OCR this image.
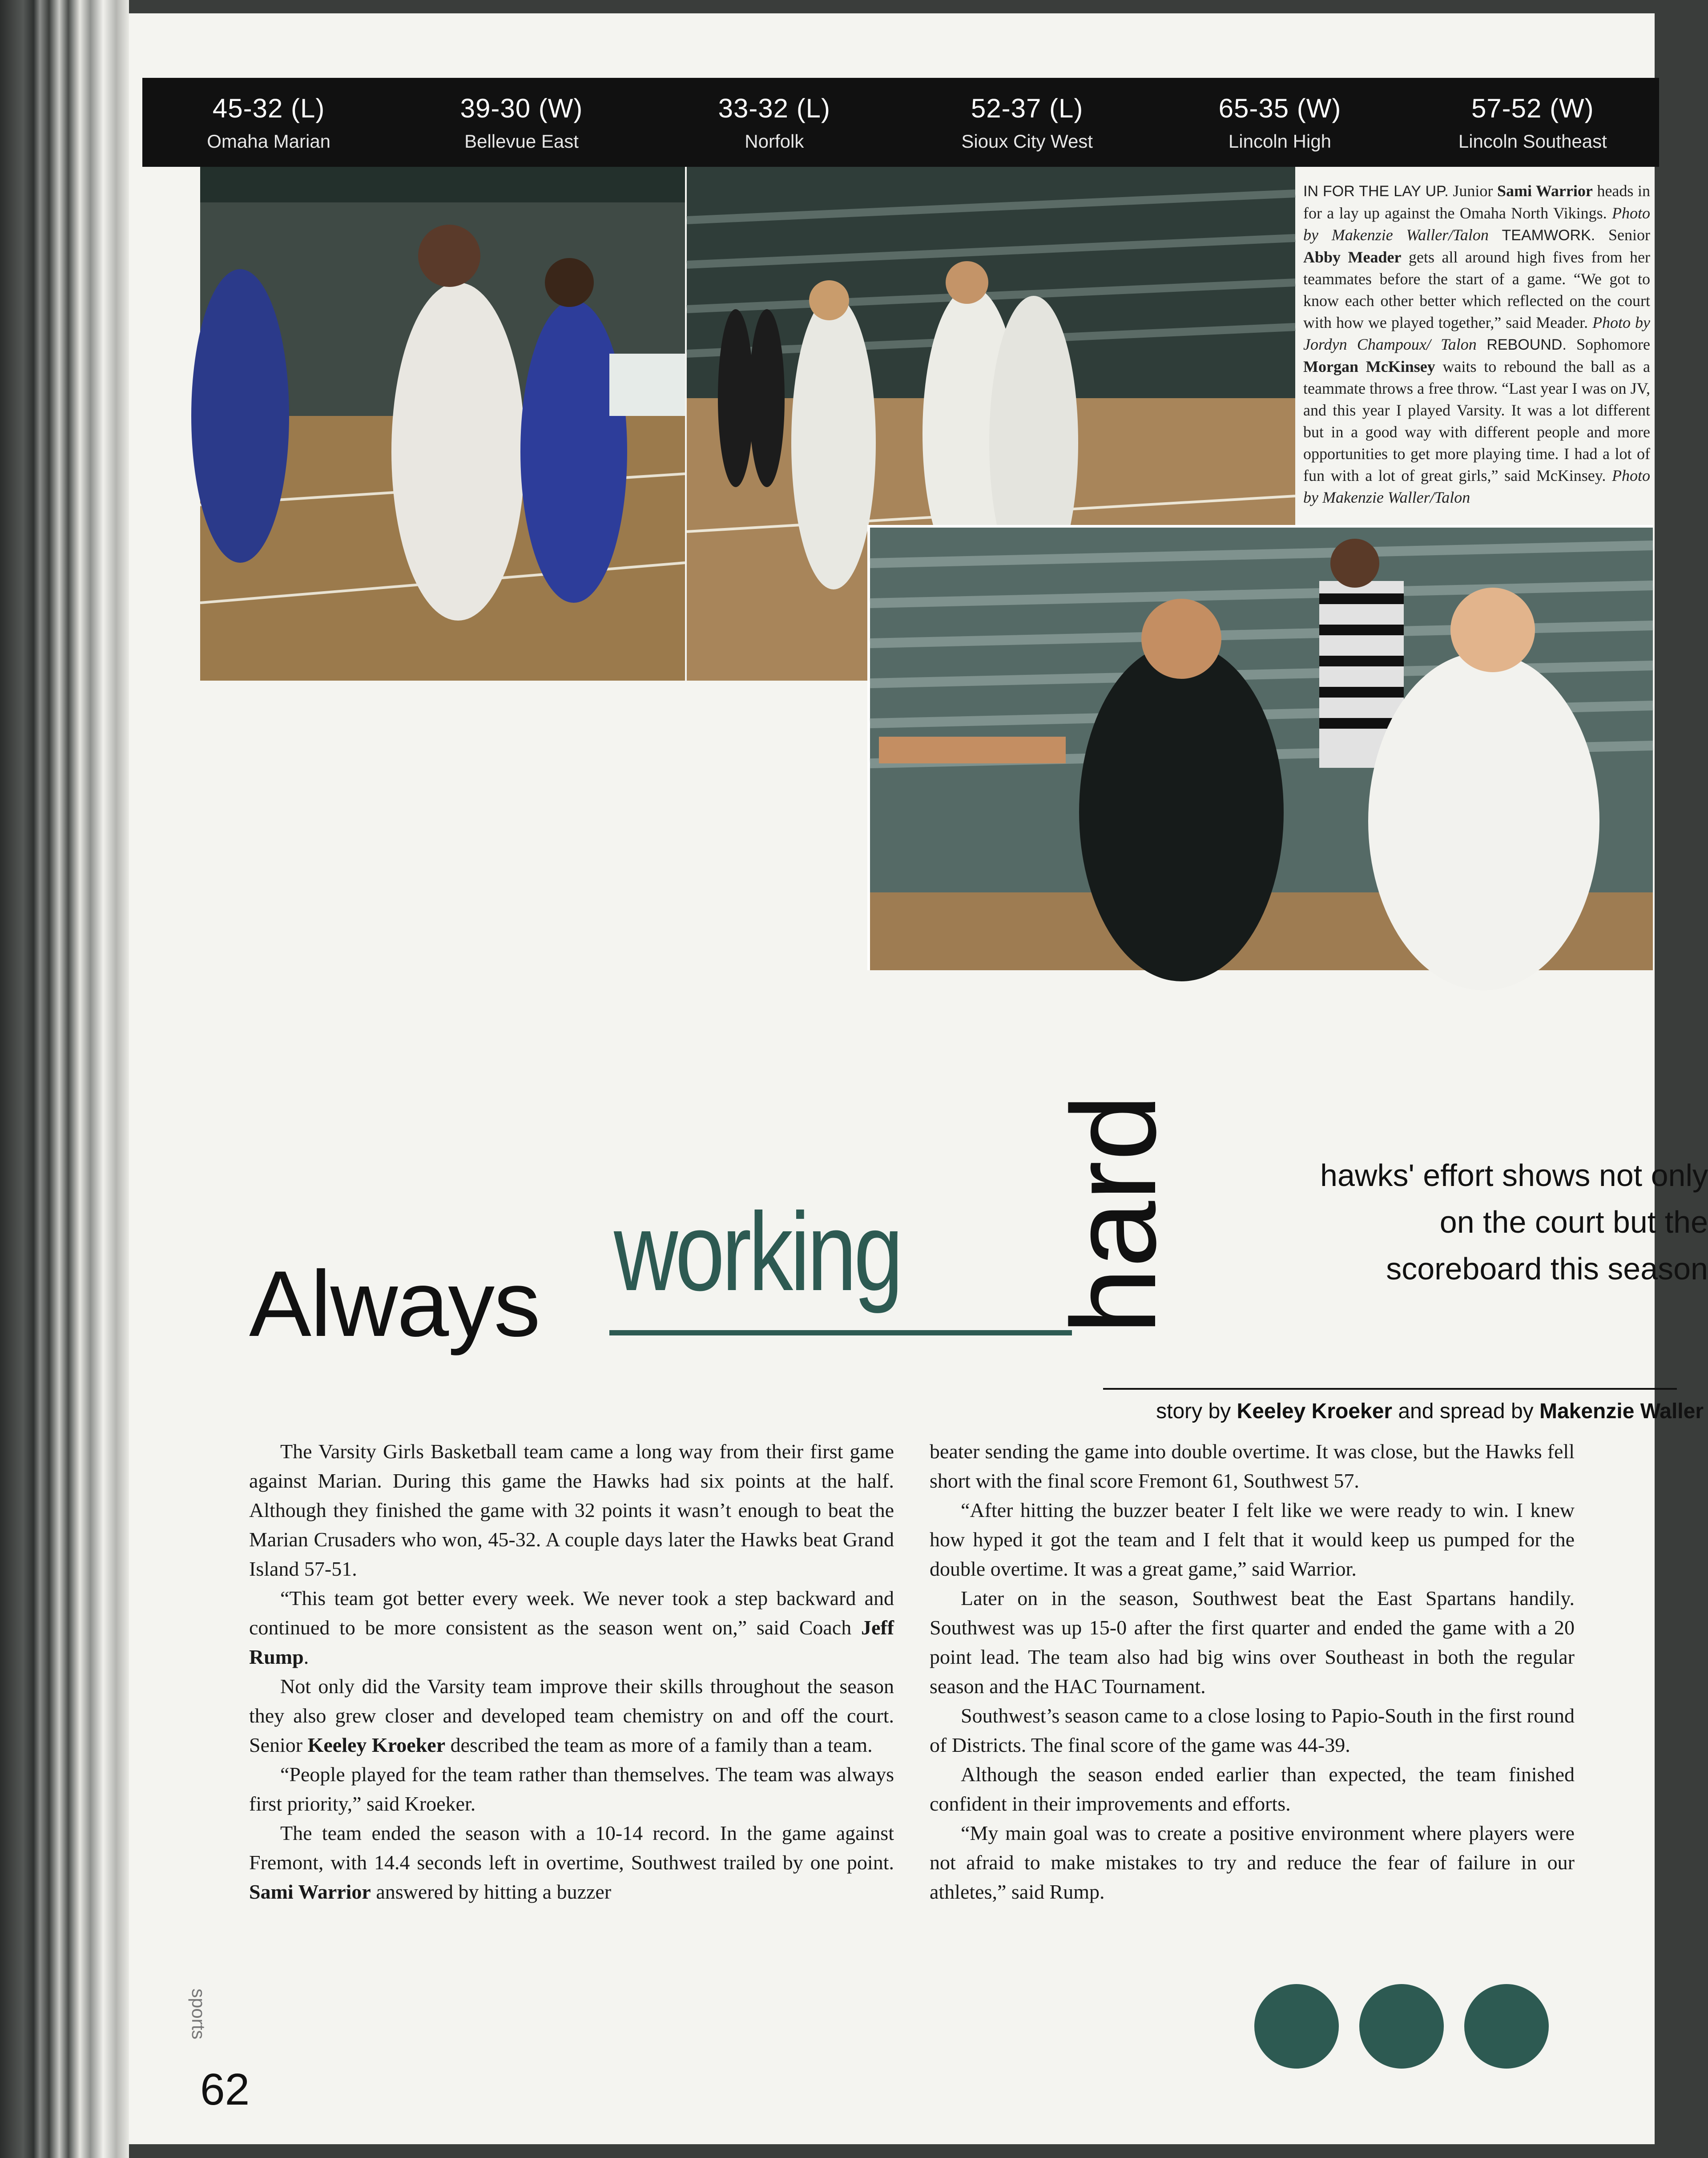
45-32 (L)
Omaha Marian
39-30 (W)
Bellevue East
33-32 (L)
Norfolk
52-37 (L)
Sioux City West
65-35 (W)
Lincoln High
57-52 (W)
Lincoln Southeast
IN FOR THE LAY UP. Junior Sami Warrior heads in for a lay up against the Omaha North Vikings. Photo by Makenzie Waller/Talon TEAMWORK. Senior Abby Meader gets all around high fives from her teammates before the start of a game. “We got to know each other better which reflected on the court with how we played together,” said Meader. Photo by Jordyn Champoux/ Talon REBOUND. Sophomore Morgan McKinsey waits to rebound the ball as a teammate throws a free throw. “Last year I was on JV, and this year I played Varsity. It was a lot different but in a good way with different people and more opportunities to get more playing time. I had a lot of fun with a lot of great girls,” said McKinsey. Photo by Makenzie Waller/Talon
Always working hard	hawks' effort shows not only on the court but the scoreboard this season
story by Keeley Kroeker and spread by Makenzie Waller

The Varsity Girls Basketball team came a long way from their first game against Marian. During this game the Hawks had six points at the half. Although they finished the game with 32 points it wasn’t enough to beat the Marian Crusaders who won, 45-32. A couple days later the Hawks beat Grand Island 57-51.

“This team got better every week. We never took a step backward and continued to be more consistent as the season went on,” said Coach Jeff Rump.

Not only did the Varsity team improve their skills throughout the season they also grew closer and developed team chemistry on and off the court. Senior Keeley Kroeker described the team as more of a family than a team.

“People played for the team rather than themselves. The team was always first priority,” said Kroeker.

The team ended the season with a 10-14 record. In the game against Fremont, with 14.4 seconds left in overtime, Southwest trailed by one point. Sami Warrior answered by hitting a buzzer

beater sending the game into double overtime. It was close, but the Hawks fell short with the final score Fremont 61, Southwest 57.

“After hitting the buzzer beater I felt like we were ready to win. I knew how hyped it got the team and I felt that it would keep us pumped for the double overtime. It was a great game,” said Warrior.

Later on in the season, Southwest beat the East Spartans handily. Southwest was up 15-0 after the first quarter and ended the game with a 20 point lead. The team also had big wins over Southeast in both the regular season and the HAC Tournament.

Southwest’s season came to a close losing to Papio-South in the first round of Districts. The final score of the game was 44-39.

Although the season ended earlier than expected, the team finished confident in their improvements and efforts.

“My main goal was to create a positive environment where players were not afraid to make mistakes to try and reduce the fear of failure in our athletes,” said Rump.

sports
62
